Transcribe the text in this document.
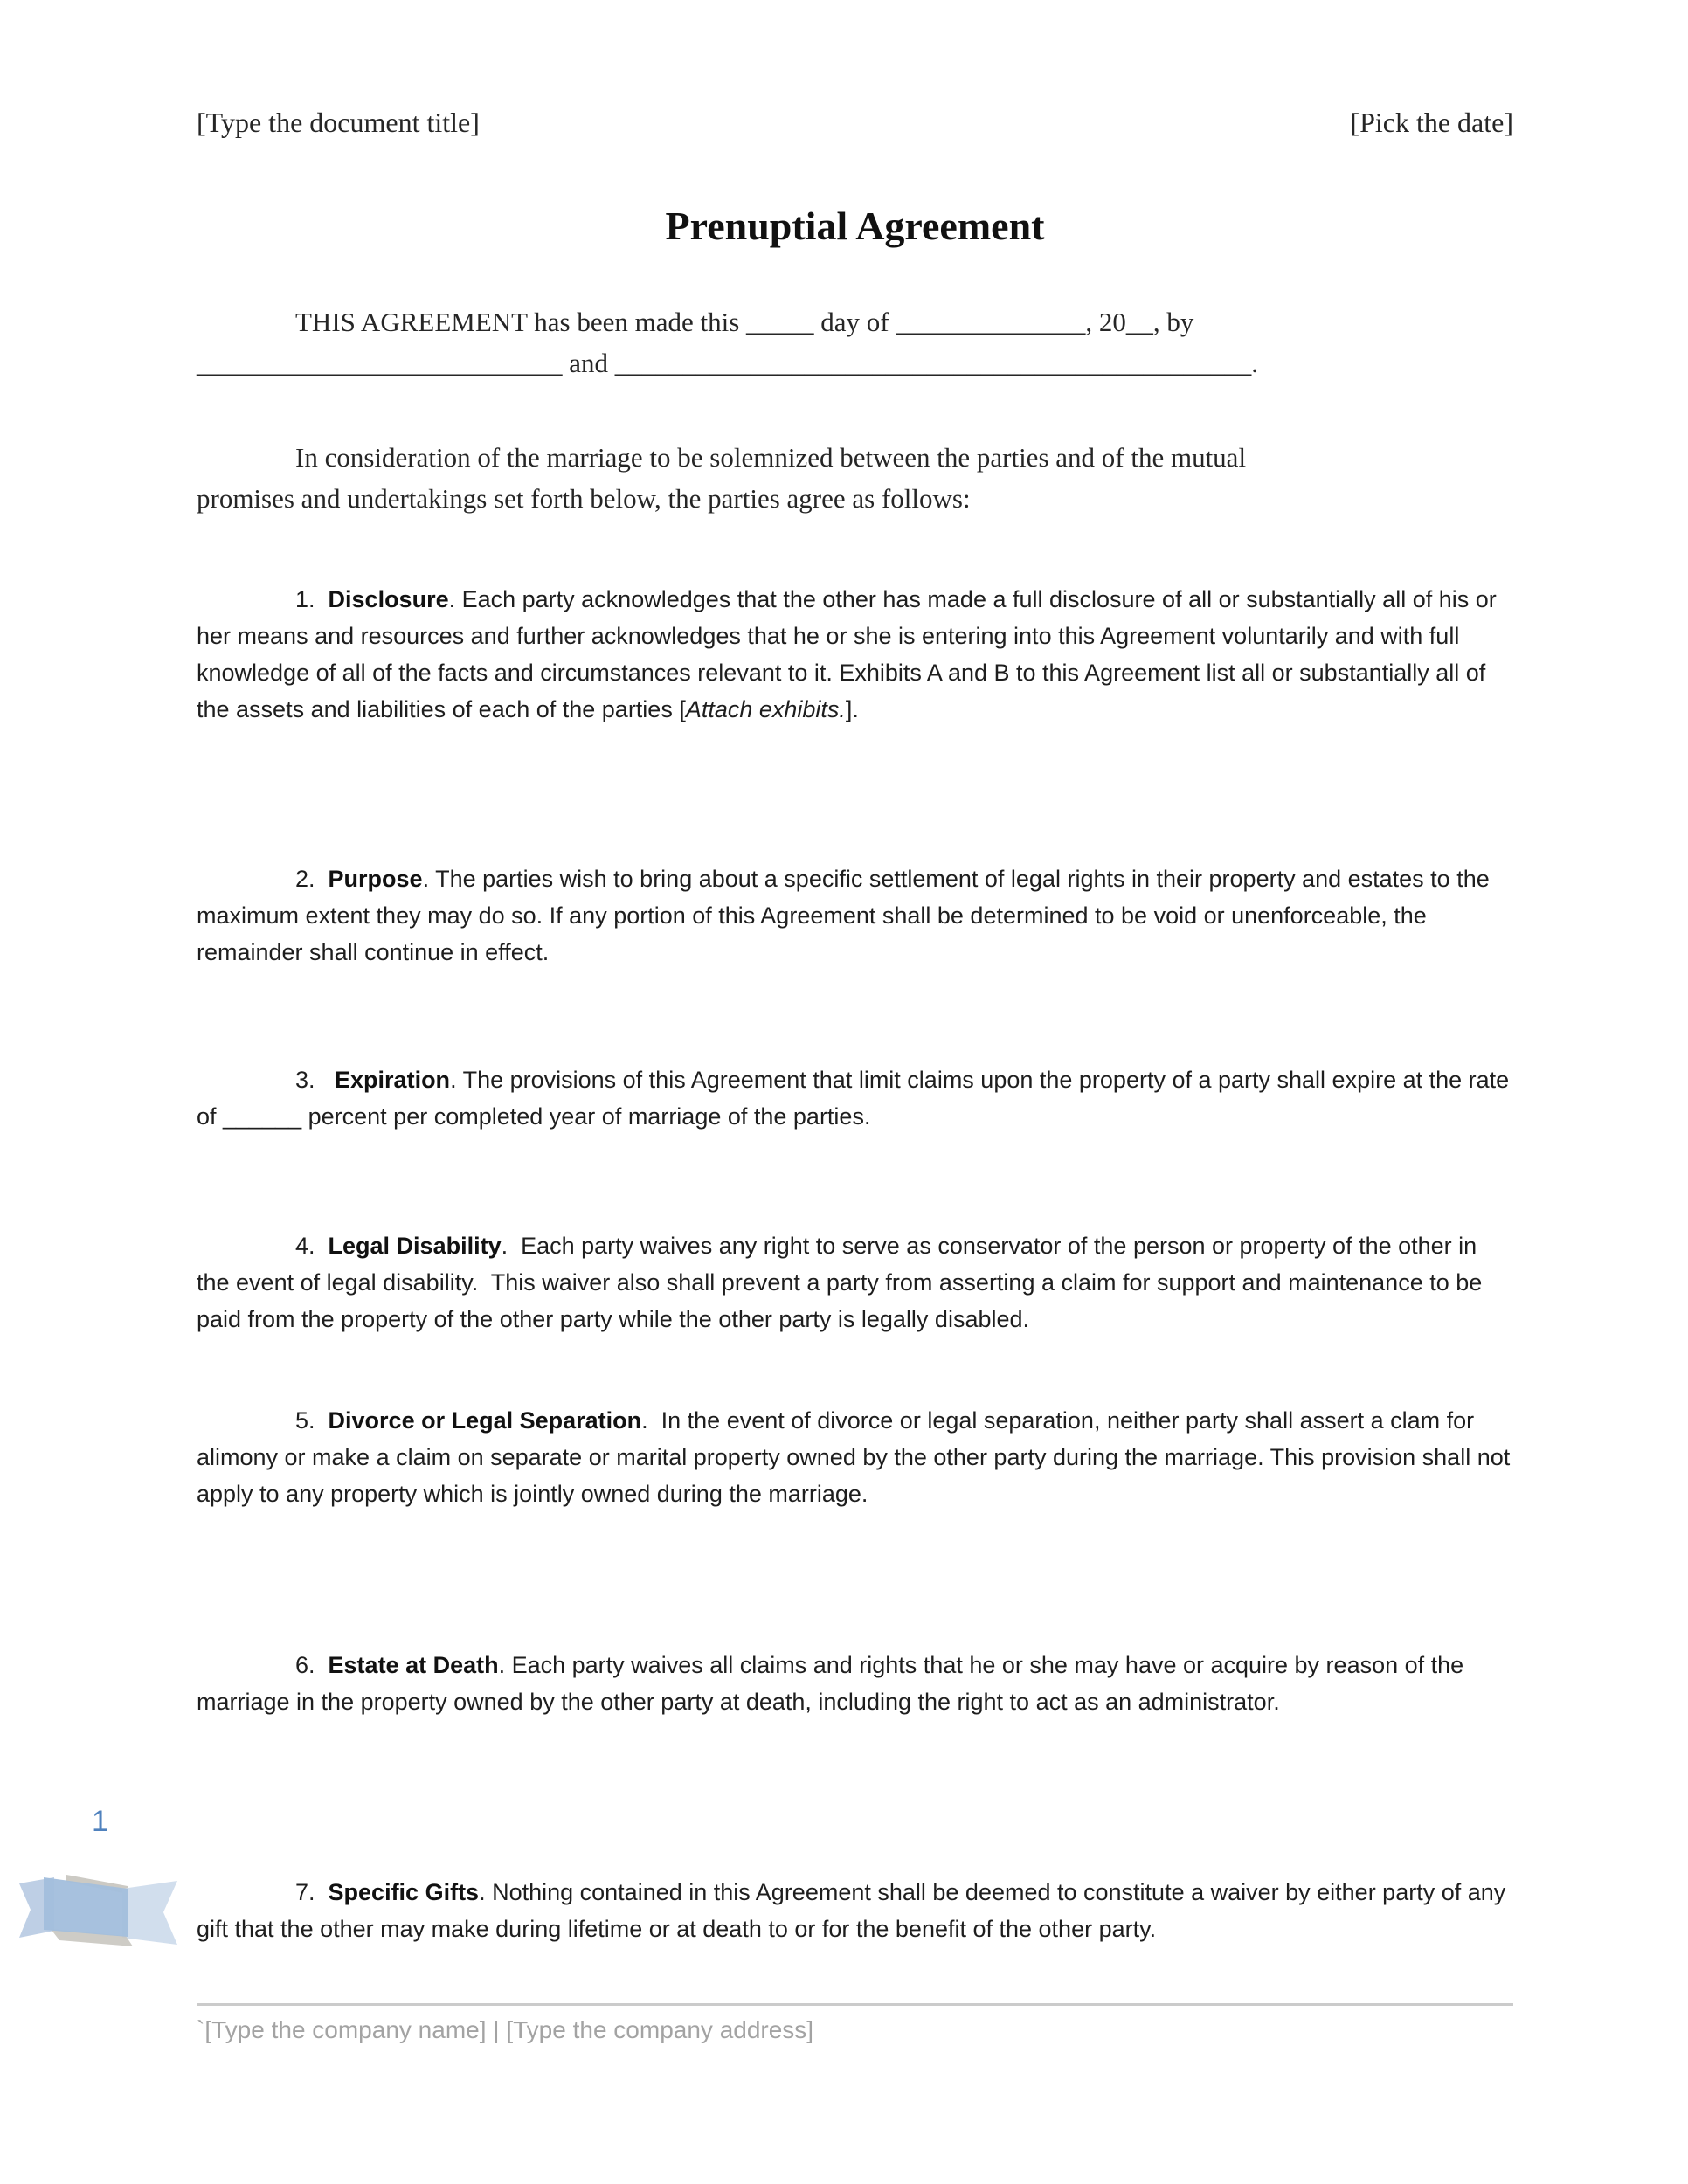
[Type the document title]	[Pick the date]
Prenuptial Agreement

THIS AGREEMENT has been made this _____ day of ______________, 20__, by
___________________________ and _______________________________________________.

In consideration of the marriage to be solemnized between the parties and of the mutual
promises and undertakings set forth below, the parties agree as follows:

1.  Disclosure. Each party acknowledges that the other has made a full disclosure of all or substantially all of his or her means and resources and further acknowledges that he or she is entering into this Agreement voluntarily and with full knowledge of all of the facts and circumstances relevant to it. Exhibits A and B to this Agreement list all or substantially all of the assets and liabilities of each of the parties [Attach exhibits.].

2.  Purpose. The parties wish to bring about a specific settlement of legal rights in their property and estates to the maximum extent they may do so. If any portion of this Agreement shall be determined to be void or unenforceable, the remainder shall continue in effect.

3.   Expiration. The provisions of this Agreement that limit claims upon the property of a party shall expire at the rate of ______ percent per completed year of marriage of the parties.

4.  Legal Disability.  Each party waives any right to serve as conservator of the person or property of the other in the event of legal disability.  This waiver also shall prevent a party from asserting a claim for support and maintenance to be paid from the property of the other party while the other party is legally disabled.

5.  Divorce or Legal Separation.  In the event of divorce or legal separation, neither party shall assert a clam for alimony or make a claim on separate or marital property owned by the other party during the marriage. This provision shall not apply to any property which is jointly owned during the marriage.

6.  Estate at Death. Each party waives all claims and rights that he or she may have or acquire by reason of the marriage in the property owned by the other party at death, including the right to act as an administrator.

7.  Specific Gifts. Nothing contained in this Agreement shall be deemed to constitute a waiver by either party of any gift that the other may make during lifetime or at death to or for the benefit of the other party.

1
`[Type the company name] | [Type the company address]
